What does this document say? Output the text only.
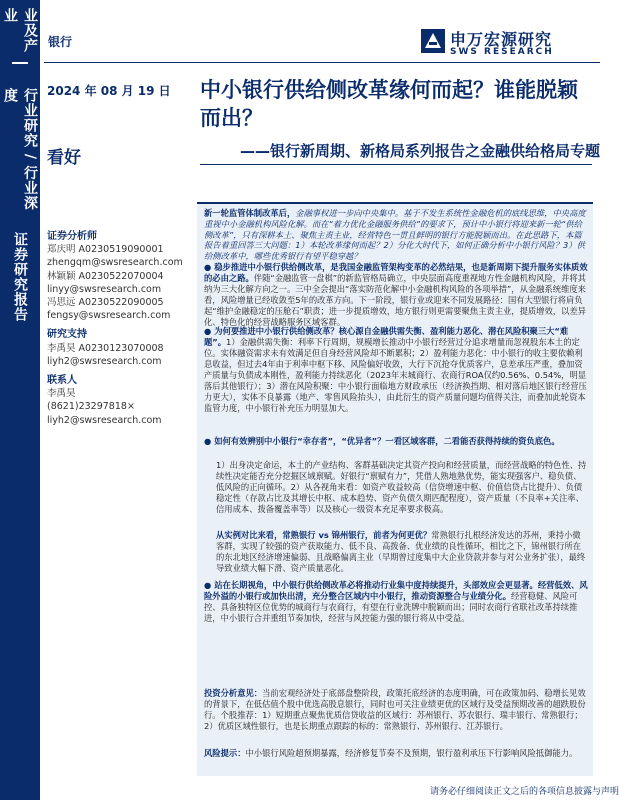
业及产业
行业研究 / 行业深度
证券研究报告
银行	申万宏源研究
SWS RESEARCH
2024 年 08 月 19 日
看好
中小银行供给侧改革缘何而起？谁能脱颖而出？
——银行新周期、新格局系列报告之金融供给格局专题
证券分析师
郑庆明 A0230519090001
zhengqm@swsresearch.com
林颖颖 A0230522070004
linyy@swsresearch.com
冯思远 A0230522090005
fengsy@swsresearch.com
研究支持
李禹昊 A0230123070008
liyh2@swsresearch.com
联系人
李禹昊
(8621)23297818×
liyh2@swsresearch.com
新一轮监管体制改革后，金融事权进一步向中央集中。基于不发生系统性金融危机的底线思维，中央高度重视中小金融机构风险化解。而在“着力优化金融服务供给”的要求下，预计中小银行将迎来新一轮“供给侧改革”，只有深耕本土、聚焦主责主业，经营特色一贯且鲜明的银行方能脱颖而出。在此思路下，本篇报告着重回答三大问题：1）本轮改革缘何而起？2）分化大时代下，如何正确分析中小银行风险？3）供给侧改革中，哪些优秀银行有望平稳穿越？
● 稳步推进中小银行供给侧改革，是我国金融监管架构变革的必然结果，也是新周期下提升服务实体质效的必由之路。伴随“金融监管一盘棋”的新监管格局确立，中央层面高度重视地方性金融机构风险，并将其纳为三大化解方向之一。三中全会提出“落实防范化解中小金融机构风险的各项举措”，从金融系统维度来看，风险增量已经收敛至5年的改革方向。下一阶段，银行业或迎来不同发展路径：国有大型银行将肩负起“维护金融稳定的压舱石”职责；进一步提质增效，地方银行则更需要聚焦主责主业，提质增效，以差异化、特色化的经营战略服务区域客群。
● 为何要推进中小银行供给侧改革？核心源自金融供需失衡、盈利能力恶化、潜在风险积聚三大“难题”。1）金融供需失衡：利率下行周期，规模增长推动中小银行经营过分追求增量而忽视股东本土的定位。实体融资需求未有效满足但自身经营风险却不断累积；2）盈利能力恶化：中小银行的收主要依赖利息收益，但过去4年由于利率中枢下移、风险偏好收敛，大行下沉抢夺优质客户，息差承压严重，叠加资产质量与负债成本刚性，盈利能力持续恶化（2023年末城商行、农商行ROA仅约0.56%、0.54%，明显落后其他银行）；3）潜在风险积聚：中小银行面临地方财政承压（经济换挡期、相对落后地区银行经营压力更大），实体不良暴露（地产、零售风险抬头），由此衍生的资产质量问题均值得关注，而叠加此轮资本监管力度，中小银行补充压力明显加大。
● 如何有效辨别中小银行“幸存者”，“优异者”？一看区域客群，二看能否获得持续的资负底色。
1）出身决定命运，本土的产业结构、客群基础决定其资产投向和经营质量，而经营战略的特色性、持续性决定能否充分挖掘区域禀赋。好银行“禀赋有力”，凭借人熟地熟优势，能实现强客户、稳负债、低风险的正向循环。2）从各视角来看：如资产收益较高（信贷增速中枢、价值信贷占比提升）、负债稳定性（存款占比及其增长中枢、成本趋势、资产负债久期匹配程度），资产质量（不良率+关注率、信用成本、拨备覆盖率等）以及核心一级资本充足率要求极高。
从实例对比来看，常熟银行 vs 锦州银行，前者为何更优？常熟银行扎根经济发达的苏州，秉持小微客群，实现了较强的资产获取能力、低不良、高拨备、优业绩的良性循环，相比之下，锦州银行所在的东北地区经济增速偏弱、且战略偏离主业（早期曾过度集中大企业贷款并参与对公业务扩张），最终导致业绩大幅下滑、资产质量恶化。
● 站在长期视角，中小银行供给侧改革必将推动行业集中度持续提升，头部效应会更显著。经营低效、风险外溢的小银行或加快出清，充分整合区域内中小银行，推动资源整合与业绩分化。经营稳健、风险可控、具备独特区位优势的城商行与农商行，有望在行业洗牌中脱颖而出；同时农商行省联社改革持续推进，中小银行合并重组节奏加快，经营与风控能力强的银行将从中受益。
投资分析意见：当前宏观经济处于底部盘整阶段，政策托底经济的态度明确，可在政策加码、稳增长见效的背景下，在低估值个股中优选高股息银行，同时也可关注业绩更优的区域行及受益预期改善的超跌股份行。个股推荐：1）短期重点聚焦优质信贷收益的区域行：苏州银行、苏农银行、瑞丰银行、常熟银行；2）优质区域性银行，也是长期重点跟踪的标的：常熟银行、苏州银行、江苏银行。
风险提示：中小银行风险超预期暴露，经济修复节奏不及预期，银行盈利承压下行影响风险抵御能力。
请务必仔细阅读正文之后的各项信息披露与声明
